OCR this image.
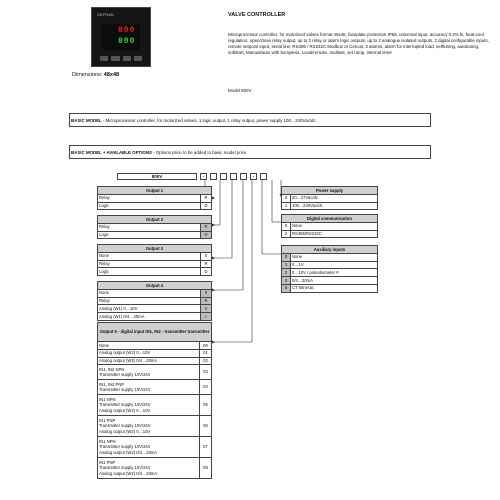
GEFRAN
800
800
Dimensions: 48x48
VALVE CONTROLLER
Microprocessor controller, for motorized valves format 48x48, faceplate protection IP65, universal input, accuracy 0.2% fs, heat-cool regulation, open/close relay output, up to 2 relay or alarm logic outputs, up to 2 analogue isolated outputs, 2 digital configurable inputs, remote setpoint input, serial line: RS485 / RS232C Modbus or Cencal, 3 alarms, alarm for interrupted load, selftuning, autotuning, softstart, Manual/auto with bumpless, Local/remote, multiset, set ramp, internal timer
Model 800V
BASIC MODEL - Microprocessor controller, for motorized valves, 1 logic output, 1 relay output, power supply 100…240Vac/dc
BASIC MODEL + AVAILABLE OPTIONS - Options price to be added to basic model price
800V	-	-
Output 1	
Relay	R
Logic	D
Output 2	
Relay	R
Logic	D
Output 3	
None	0
Relay	R
Logic	D
Output 4	
None	0
Relay	R
Analog (W1) 0…10V	V
Analog (W1) 0/4…20mA	I
Output 5 - digital input IN1, IN2 - transmitter transmitter	
None	00
Analog output (W2) 0…10V	01
Analog output (W2) 0/4…20mA	02

IN1, IN2 NPN
Transmitter supply 10V/24V	03

IN1, IN2 PNP
Transmitter supply 10V/24V	04

IN1 NPN
Transmitter supply 10V/24V
Analog output (W2) 0…10V	05

IN1 PNP
Transmitter supply 10V/24V
Analog output (W2) 0…10V	06

IN1 NPN
Transmitter supply 10V/24V
Analog output (W2) 0/4…20mA	07

IN1 PNP
Transmitter supply 10V/24V
Analog output (W2) 0/4…20mA	08
Power supply	
0	20…27Vac/dc
1	100…240Vac/dc
Digital communication	
0	None
2	RS485/RS232C
Auxiliary inputs	
0	None
1	0…1V
2	0…10V / potentiometer #
3	0/4…20mA
5	CT 50mAac
